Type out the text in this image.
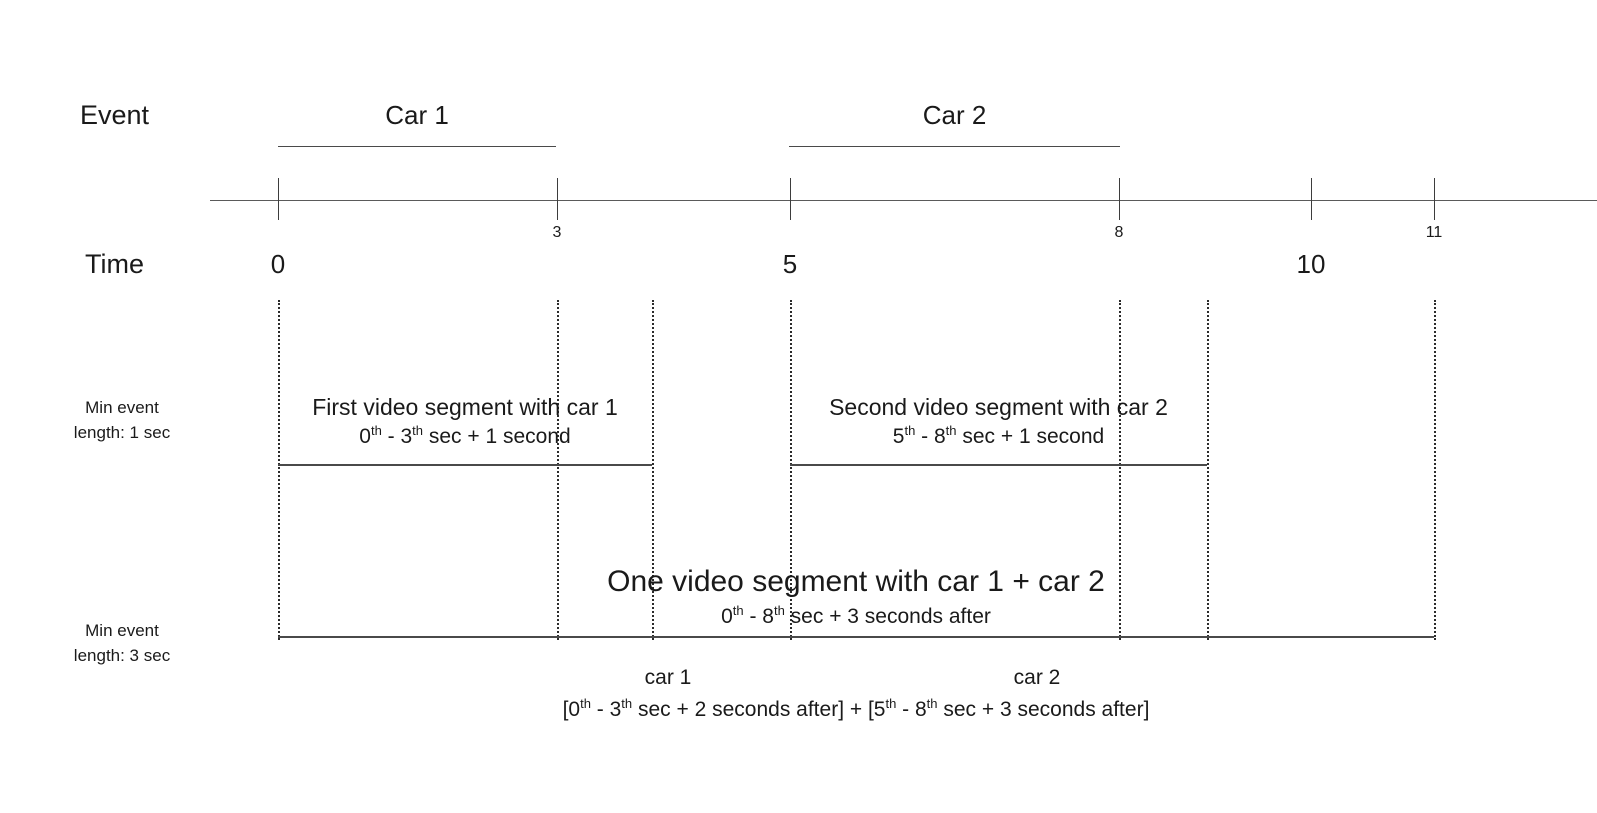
Event
Time
Min event
length: 1 sec
Min event
length: 3 sec
Car 1	Car 2
3	8	11
0	5	10
First video segment with car 1
0th - 3th sec + 1 second
Second video segment with car 2
5th - 8th sec + 1 second
One video segment with car 1 + car 2
0th - 8th sec + 3 seconds after
car 1	car 2
[0th - 3th sec + 2 seconds after] + [5th - 8th sec + 3 seconds after]
